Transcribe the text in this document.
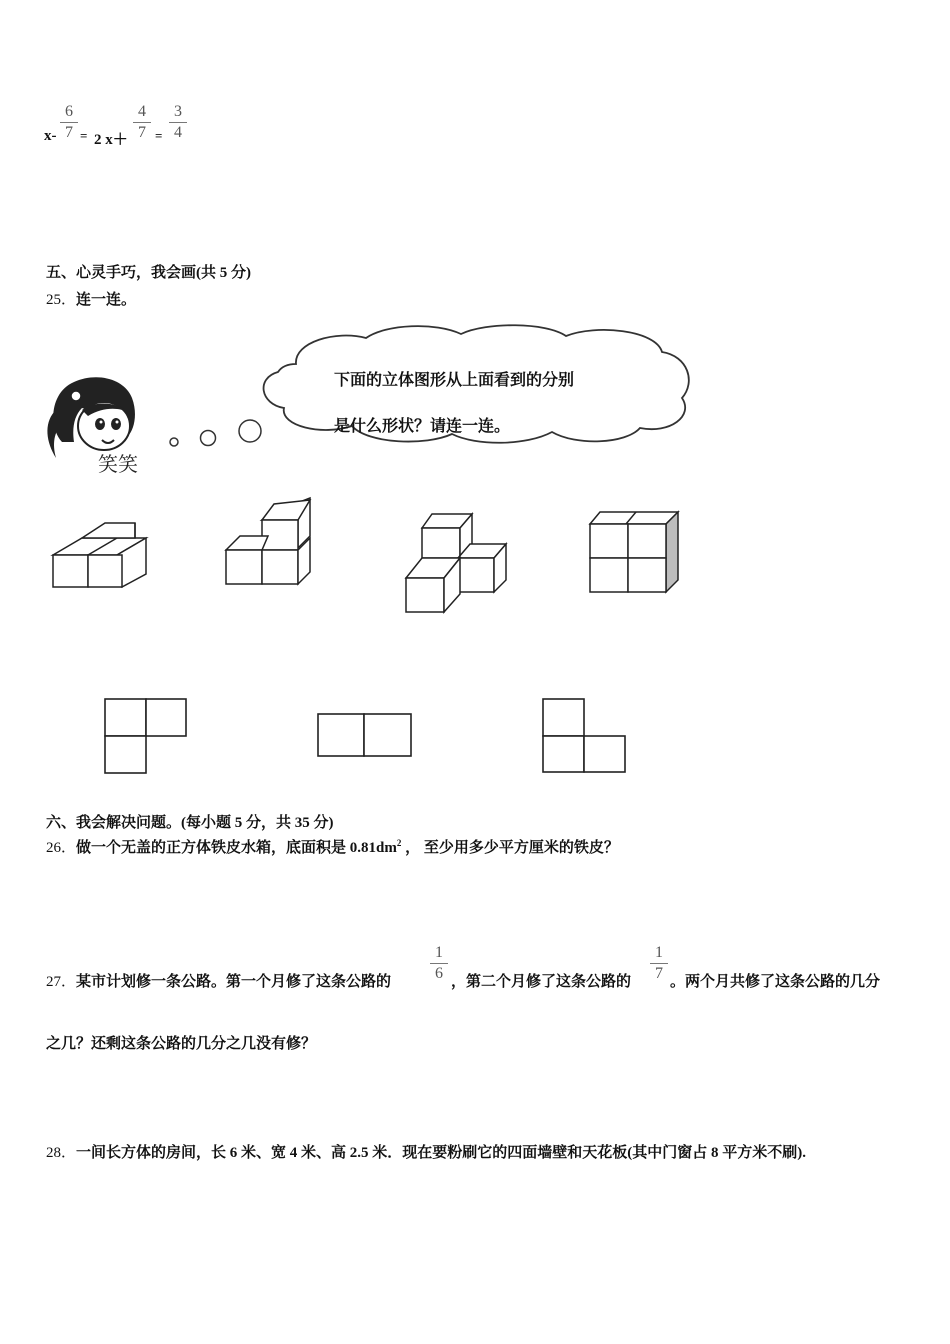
x-
6
7 = 2 x＋
4
7 =
3
4
五、心灵手巧，我会画(共 5 分)
25．连一连。
笑笑
下面的立体图形从上面看到的分别
是什么形状？请连一连。
六、我会解决问题。(每小题 5 分，共 35 分)
26．做一个无盖的正方体铁皮水箱，底面积是 $0.81dm^2$ ， 至少用多少平方厘米的铁皮？
27．某市计划修一条公路。第一个月修了这条公路的
1
6 ，第二个月修了这条公路的
1
7 。两个月共修了这条公路的几分
之几？还剩这条公路的几分之几没有修？
28．一间长方体的房间，长 6 米、宽 4 米、高 2.5 米．现在要粉刷它的四面墙壁和天花板(其中门窗占 8 平方米不刷).
